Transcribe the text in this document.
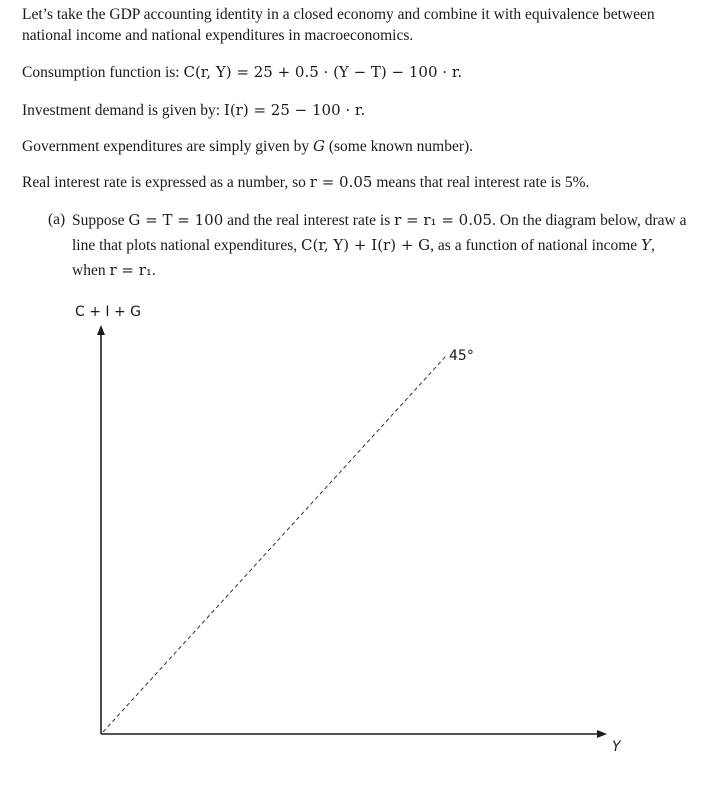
Let’s take the GDP accounting identity in a closed economy and combine it with equivalence between national income and national expenditures in macroeconomics.

Consumption function is: C(r, Y) = 25 + 0.5 · (Y − T) − 100 · r.

Investment demand is given by: I(r) = 25 − 100 · r.

Government expenditures are simply given by G (some known number).

Real interest rate is expressed as a number, so r = 0.05 means that real interest rate is 5%.

(a) Suppose G = T = 100 and the real interest rate is r = r₁ = 0.05. On the diagram below, draw a line that plots national expenditures, C(r, Y) + I(r) + G, as a function of national income Y, when r = r₁.
C + I + G
Y
45°
